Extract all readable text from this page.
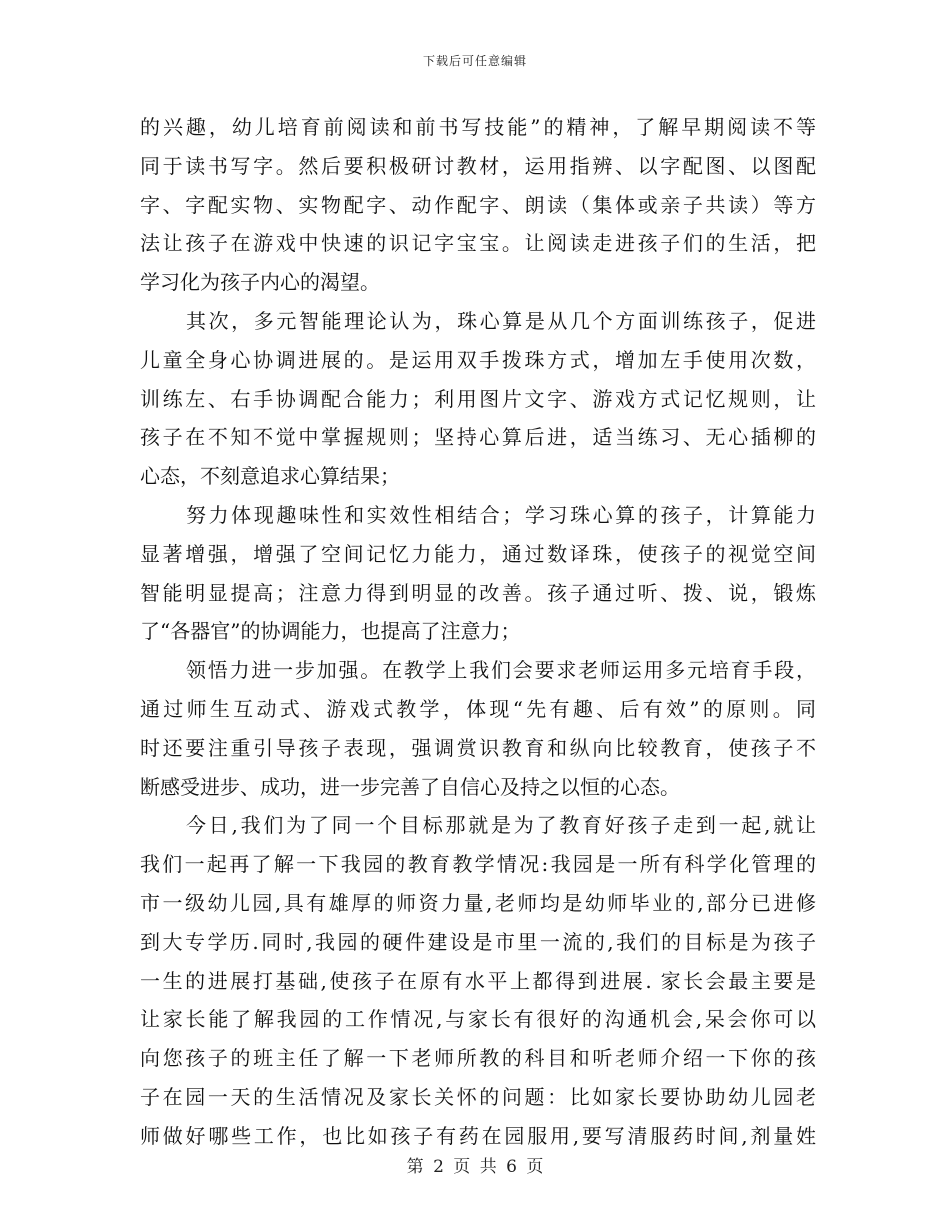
下载后可任意编辑
的兴趣，幼儿培育前阅读和前书写技能”的精神，了解早期阅读不等
同于读书写字。然后要积极研讨教材，运用指辨、以字配图、以图配
字、字配实物、实物配字、动作配字、朗读（集体或亲子共读）等方
法让孩子在游戏中快速的识记字宝宝。让阅读走进孩子们的生活，把
学习化为孩子内心的渴望。
其次，多元智能理论认为，珠心算是从几个方面训练孩子，促进
儿童全身心协调进展的。是运用双手拨珠方式，增加左手使用次数，
训练左、右手协调配合能力；利用图片文字、游戏方式记忆规则，让
孩子在不知不觉中掌握规则；坚持心算后进，适当练习、无心插柳的
心态，不刻意追求心算结果；
努力体现趣味性和实效性相结合；学习珠心算的孩子，计算能力
显著增强，增强了空间记忆力能力，通过数译珠，使孩子的视觉空间
智能明显提高；注意力得到明显的改善。孩子通过听、拨、说，锻炼
了“各器官”的协调能力，也提高了注意力；
领悟力进一步加强。在教学上我们会要求老师运用多元培育手段，
通过师生互动式、游戏式教学，体现“先有趣、后有效”的原则。同
时还要注重引导孩子表现，强调赏识教育和纵向比较教育，使孩子不
断感受进步、成功，进一步完善了自信心及持之以恒的心态。
今日,我们为了同一个目标那就是为了教育好孩子走到一起,就让
我们一起再了解一下我园的教育教学情况:我园是一所有科学化管理的
市一级幼儿园,具有雄厚的师资力量,老师均是幼师毕业的,部分已进修
到大专学历.同时,我园的硬件建设是市里一流的,我们的目标是为孩子
一生的进展打基础,使孩子在原有水平上都得到进展. 家长会最主要是
让家长能了解我园的工作情况,与家长有很好的沟通机会,呆会你可以
向您孩子的班主任了解一下老师所教的科目和听老师介绍一下你的孩
子在园一天的生活情况及家长关怀的问题：比如家长要协助幼儿园老
师做好哪些工作，也比如孩子有药在园服用,要写清服药时间,剂量姓
第 2 页 共 6 页
